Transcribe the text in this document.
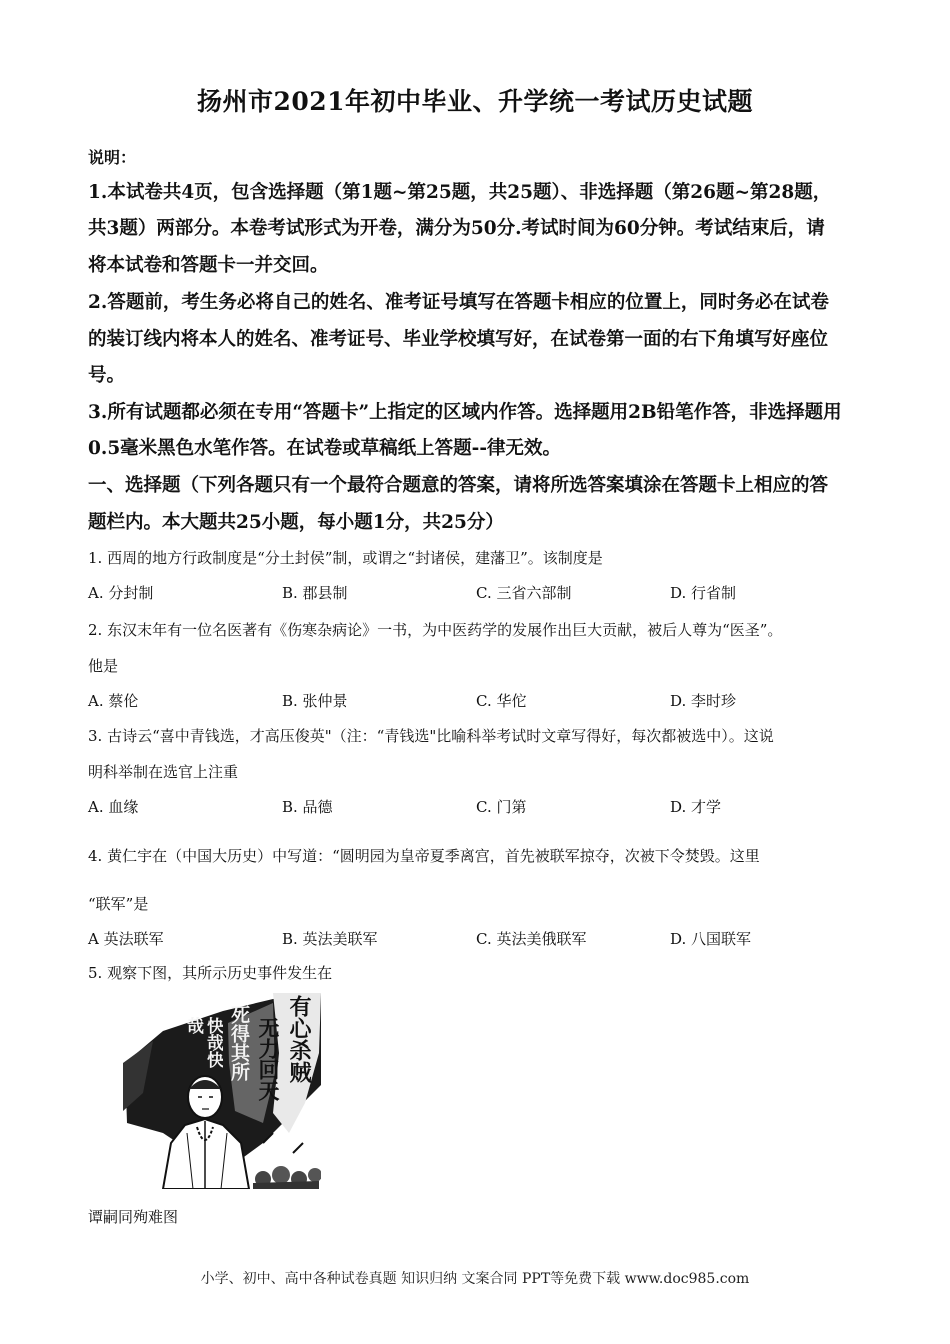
扬州市2021年初中毕业、升学统一考试历史试题
说明：
1.本试卷共4页，包含选择题（第1题~第25题，共25题）、非选择题（第26题~第28题，
共3题）两部分。本卷考试形式为开卷，满分为50分.考试时间为60分钟。考试结束后，请
将本试卷和答题卡一并交回。
2.答题前，考生务必将自己的姓名、准考证号填写在答题卡相应的位置上，同时务必在试卷
的装订线内将本人的姓名、准考证号、毕业学校填写好，在试卷第一面的右下角填写好座位
号。
3.所有试题都必须在专用“答题卡”上指定的区域内作答。选择题用2B铅笔作答，非选择题用
0.5毫米黑色水笔作答。在试卷或草稿纸上答题--律无效。
一、选择题（下列各题只有一个最符合题意的答案，请将所选答案填涂在答题卡上相应的答
题栏内。本大题共25小题，每小题1分，共25分）
1. 西周的地方行政制度是“分土封侯”制，或谓之“封诸侯，建藩卫”。该制度是
A. 分封制	B. 郡县制	C. 三省六部制	D. 行省制
2. 东汉末年有一位名医著有《伤寒杂病论》一书，为中医药学的发展作出巨大贡献，被后人尊为“医圣”。
他是
A. 蔡伦	B. 张仲景	C. 华佗	D. 李时珍
3. 古诗云“喜中青钱选，才高压俊英"（注：“青钱选"比喻科举考试时文章写得好，每次都被选中）。这说
明科举制在选官上注重
A. 血缘	B. 品德	C. 门第	D. 才学
4. 黄仁宇在（中国大历史）中写道：“圆明园为皇帝夏季离宫，首先被联军掠夺，次被下令焚毁。这里
“联军”是
A 英法联军	B. 英法美联军	C. 英法美俄联军	D. 八国联军
5. 观察下图，其所示历史事件发生在
有心杀贼
无力回天
死得其所
快哉快哉
谭嗣同殉难图
小学、初中、高中各种试卷真题 知识归纳 文案合同 PPT等免费下载 www.doc985.com
